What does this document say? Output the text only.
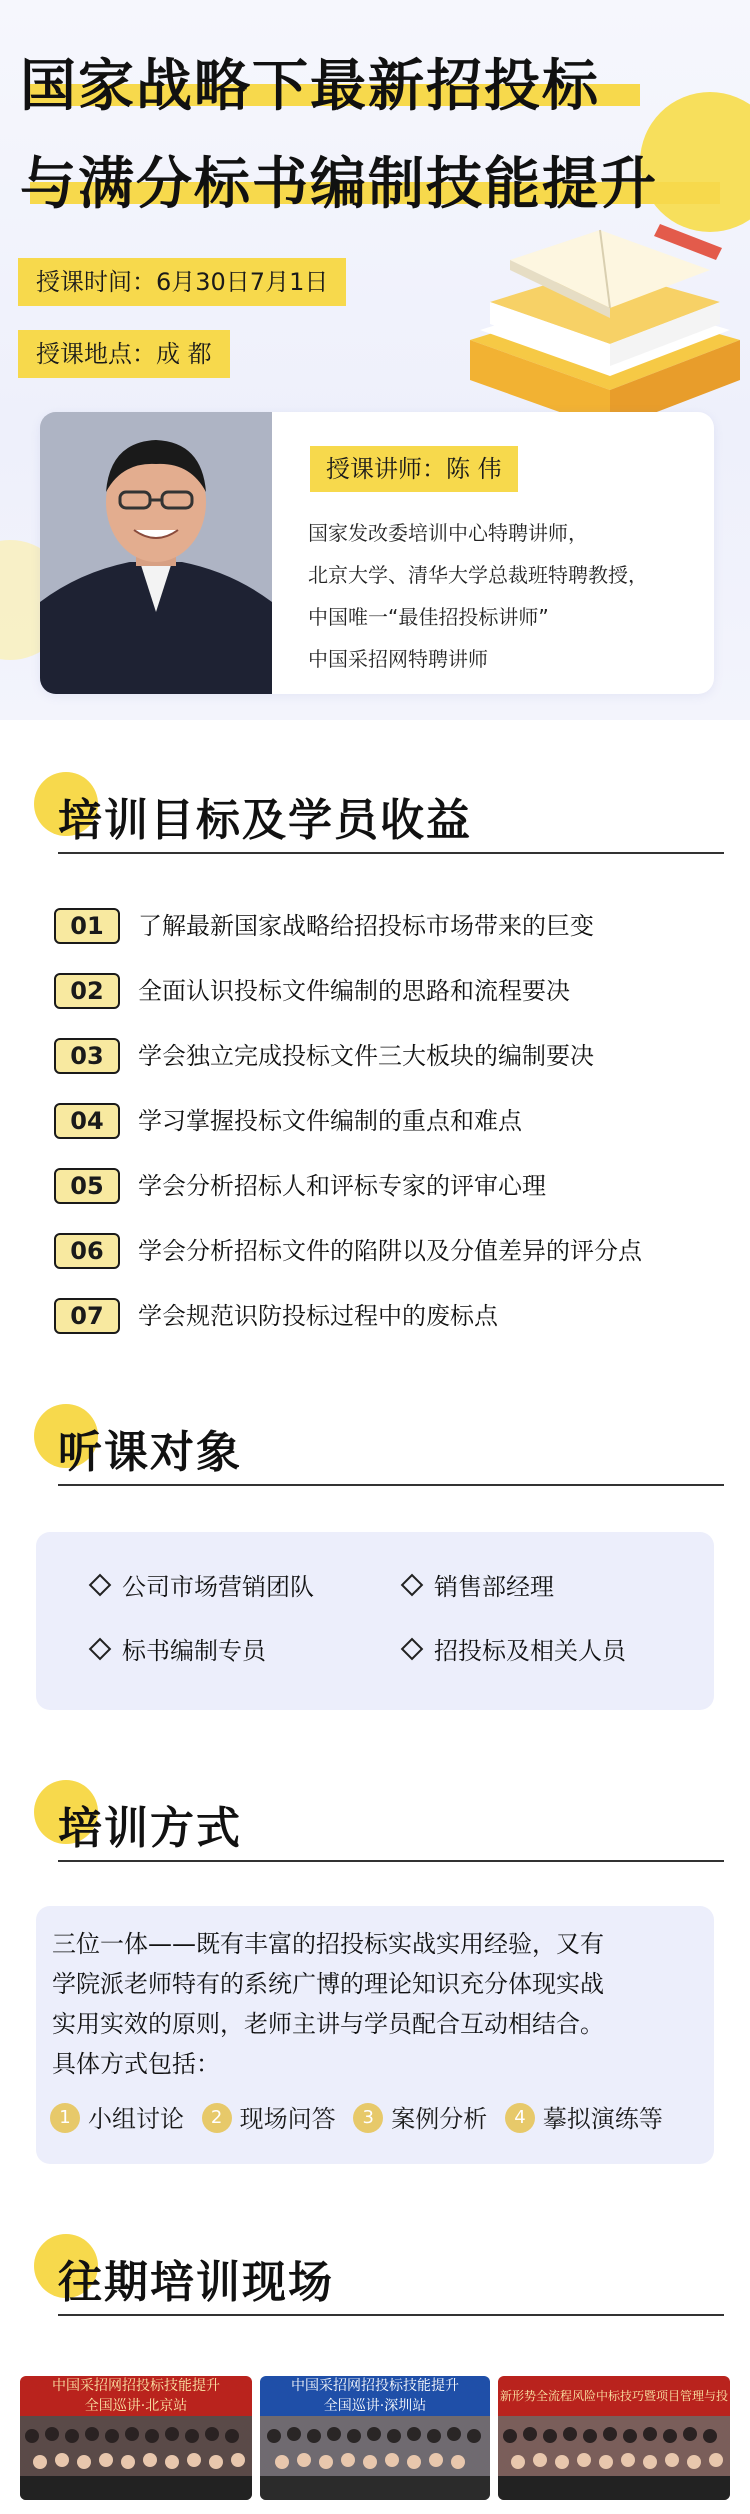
国家战略下最新招投标
与满分标书编制技能提升
授课时间：6月30日7月1日
授课地点：成 都
授课讲师：陈 伟
国家发改委培训中心特聘讲师，
北京大学、清华大学总裁班特聘教授，
中国唯一“最佳招投标讲师”
中国采招网特聘讲师
培训目标及学员收益
01	了解最新国家战略给招投标市场带来的巨变
02	全面认识投标文件编制的思路和流程要决
03	学会独立完成投标文件三大板块的编制要决
04	学习掌握投标文件编制的重点和难点
05	学会分析招标人和评标专家的评审心理
06	学会分析招标文件的陷阱以及分值差异的评分点
07	学会规范识防投标过程中的废标点
听课对象
公司市场营销团队	销售部经理
标书编制专员	招投标及相关人员
培训方式
三位一体——既有丰富的招投标实战实用经验，又有
学院派老师特有的系统广博的理论知识充分体现实战
实用实效的原则，老师主讲与学员配合互动相结合。
具体方式包括：
1 小组讨论 2 现场问答 3 案例分析 4 摹拟演练等
往期培训现场
中国采招网招投标技能提升
全国巡讲·北京站
中国采招网招投标技能提升
全国巡讲·深圳站
新形势全流程风险中标技巧暨项目管理与投
